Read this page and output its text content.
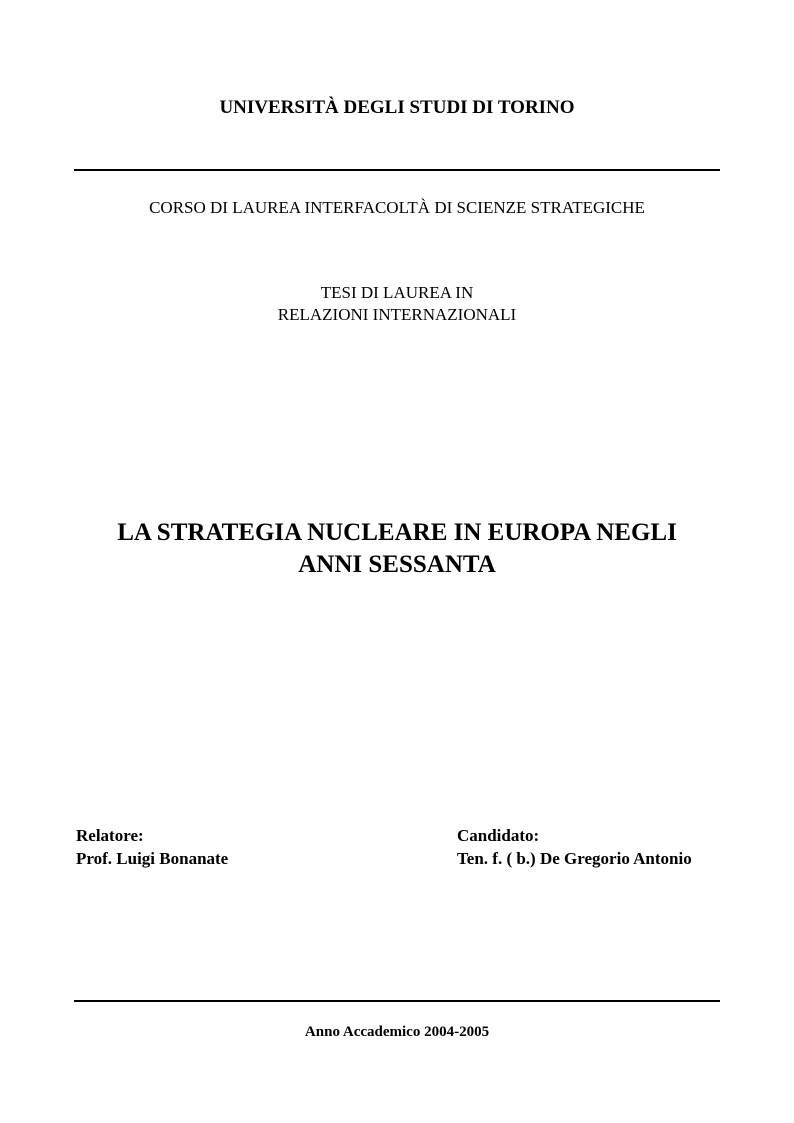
UNIVERSITÀ DEGLI STUDI DI TORINO
CORSO DI LAUREA INTERFACOLTÀ DI SCIENZE STRATEGICHE
TESI DI LAUREA IN
RELAZIONI INTERNAZIONALI
LA STRATEGIA NUCLEARE IN EUROPA NEGLI
ANNI SESSANTA
Relatore:
Prof. Luigi Bonanate
Candidato:
Ten. f. ( b.) De Gregorio Antonio
Anno Accademico 2004-2005
